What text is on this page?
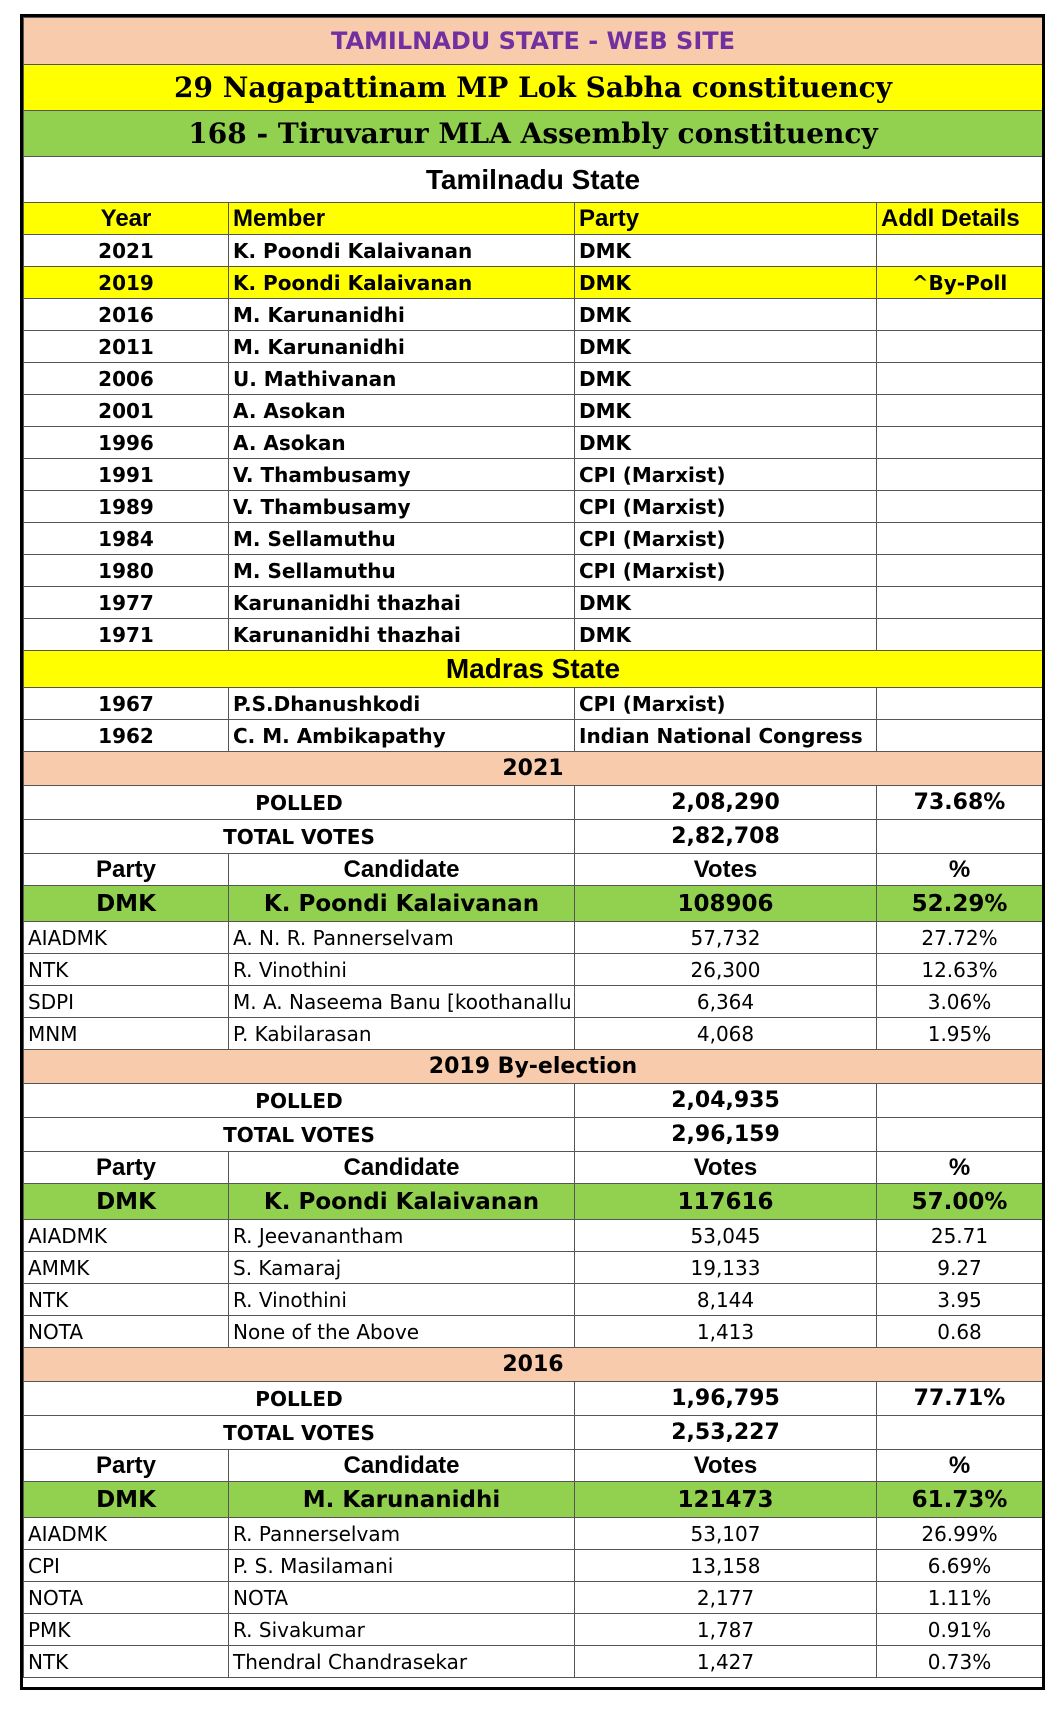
TAMILNADU STATE - WEB SITE			
29 Nagapattinam MP Lok Sabha constituency			
168 - Tiruvarur MLA Assembly constituency			
Tamilnadu State			
Year	Member	Party	Addl Details
2021	K. Poondi Kalaivanan	DMK	
2019	K. Poondi Kalaivanan	DMK	^By-Poll
2016	M. Karunanidhi	DMK	
2011	M. Karunanidhi	DMK	
2006	U. Mathivanan	DMK	
2001	A. Asokan	DMK	
1996	A. Asokan	DMK	
1991	V. Thambusamy	CPI (Marxist)	
1989	V. Thambusamy	CPI (Marxist)	
1984	M. Sellamuthu	CPI (Marxist)	
1980	M. Sellamuthu	CPI (Marxist)	
1977	Karunanidhi thazhai	DMK	
1971	Karunanidhi thazhai	DMK	
Madras State			
1967	P.S.Dhanushkodi	CPI (Marxist)	
1962	C. M. Ambikapathy	Indian National Congress	
2021			
POLLED		2,08,290	73.68%
TOTAL VOTES		2,82,708	
Party	Candidate	Votes	%
DMK	K. Poondi Kalaivanan	108906	52.29%
AIADMK	A. N. R. Pannerselvam	57,732	27.72%
NTK	R. Vinothini	26,300	12.63%
SDPI	M. A. Naseema Banu [koothanallu	6,364	3.06%
MNM	P. Kabilarasan	4,068	1.95%
2019 By-election			
POLLED		2,04,935	
TOTAL VOTES		2,96,159	
Party	Candidate	Votes	%
DMK	K. Poondi Kalaivanan	117616	57.00%
AIADMK	R. Jeevanantham	53,045	25.71
AMMK	S. Kamaraj	19,133	9.27
NTK	R. Vinothini	8,144	3.95
NOTA	None of the Above	1,413	0.68
2016			
POLLED		1,96,795	77.71%
TOTAL VOTES		2,53,227	
Party	Candidate	Votes	%
DMK	M. Karunanidhi	121473	61.73%
AIADMK	R. Pannerselvam	53,107	26.99%
CPI	P. S. Masilamani	13,158	6.69%
NOTA	NOTA	2,177	1.11%
PMK	R. Sivakumar	1,787	0.91%
NTK	Thendral Chandrasekar	1,427	0.73%
